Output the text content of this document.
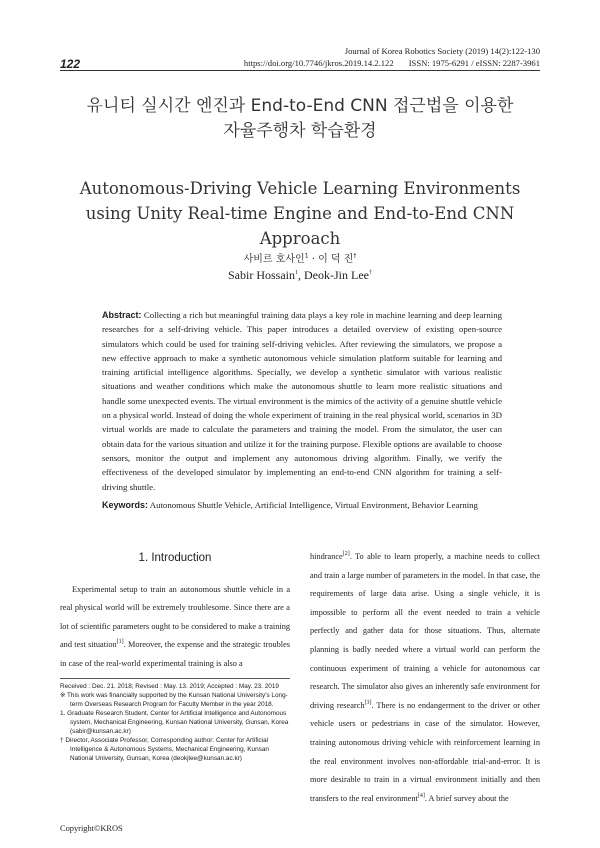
122
Journal of Korea Robotics Society (2019) 14(2):122-130
https://doi.org/10.7746/jkros.2019.14.2.122       ISSN: 1975-6291 / eISSN: 2287-3961
유니티 실시간 엔진과 End-to-End CNN 접근법을 이용한
자율주행차 학습환경
Autonomous-Driving Vehicle Learning Environments
using Unity Real-time Engine and End-to-End CNN
Approach
사비르 호사인$^1$ · 이 덕 진†
Sabir Hossain$^1$, Deok-Jin Lee†
Abstract: Collecting a rich but meaningful training data plays a key role in machine learning and deep learning researches for a self-driving vehicle. This paper introduces a detailed overview of existing open-source simulators which could be used for training self-driving vehicles. After reviewing the simulators, we propose a new effective approach to make a synthetic autonomous vehicle simulation platform suitable for learning and training artificial intelligence algorithms. Specially, we develop a synthetic simulator with various realistic situations and weather conditions which make the autonomous shuttle to learn more realistic situations and handle some unexpected events. The virtual environment is the mimics of the activity of a genuine shuttle vehicle on a physical world. Instead of doing the whole experiment of training in the real physical world, scenarios in 3D virtual worlds are made to calculate the parameters and training the model. From the simulator, the user can obtain data for the various situation and utilize it for the training purpose. Flexible options are available to choose sensors, monitor the output and implement any autonomous driving algorithm. Finally, we verify the effectiveness of the developed simulator by implementing an end-to-end CNN algorithm for training a self-driving shuttle.
Keywords: Autonomous Shuttle Vehicle, Artificial Intelligence, Virtual Environment, Behavior Learning
1. Introduction
Experimental setup to train an autonomous shuttle vehicle in a real physical world will be extremely troublesome. Since there are a lot of scientific parameters ought to be considered to make a training and test situation[1]. Moreover, the expense and the strategic troubles in case of the real-world experimental training is also a
Received : Dec. 21. 2018; Revised : May. 13. 2019; Accepted : May. 23. 2019
※ This work was financially supported by the Kunsan National University's Long-term Overseas Research Program for Faculty Member in the year 2018.
1. Graduate Research Student, Center for Artificial Intelligence and Autonomous system, Mechanical Engineering, Kunsan National University, Gunsan, Korea (sabir@kunsan.ac.kr)
† Director, Associate Professor, Corresponding author: Center for Artificial Intelligence & Autonomous Systems, Mechanical Engineering, Kunsan National University, Gunsan, Korea (deokjlee@kunsan.ac.kr)
hindrance[2]. To able to learn properly, a machine needs to collect and train a large number of parameters in the model. In that case, the requirements of large data arise. Using a single vehicle, it is impossible to perform all the event needed to train a vehicle perfectly and gather data for those situations. Thus, alternate planning is badly needed where a virtual world can perform the continuous experiment of training a vehicle for autonomous car research. The simulator also gives an inherently safe environment for driving research[3]. There is no endangerment to the driver or other vehicle users or pedestrians in case of the simulator. However, training autonomous driving vehicle with reinforcement learning in the real environment involves non-affordable trial-and-error. It is more desirable to train in a virtual environment initially and then transfers to the real environment[4]. A brief survey about the
Copyright©KROS
